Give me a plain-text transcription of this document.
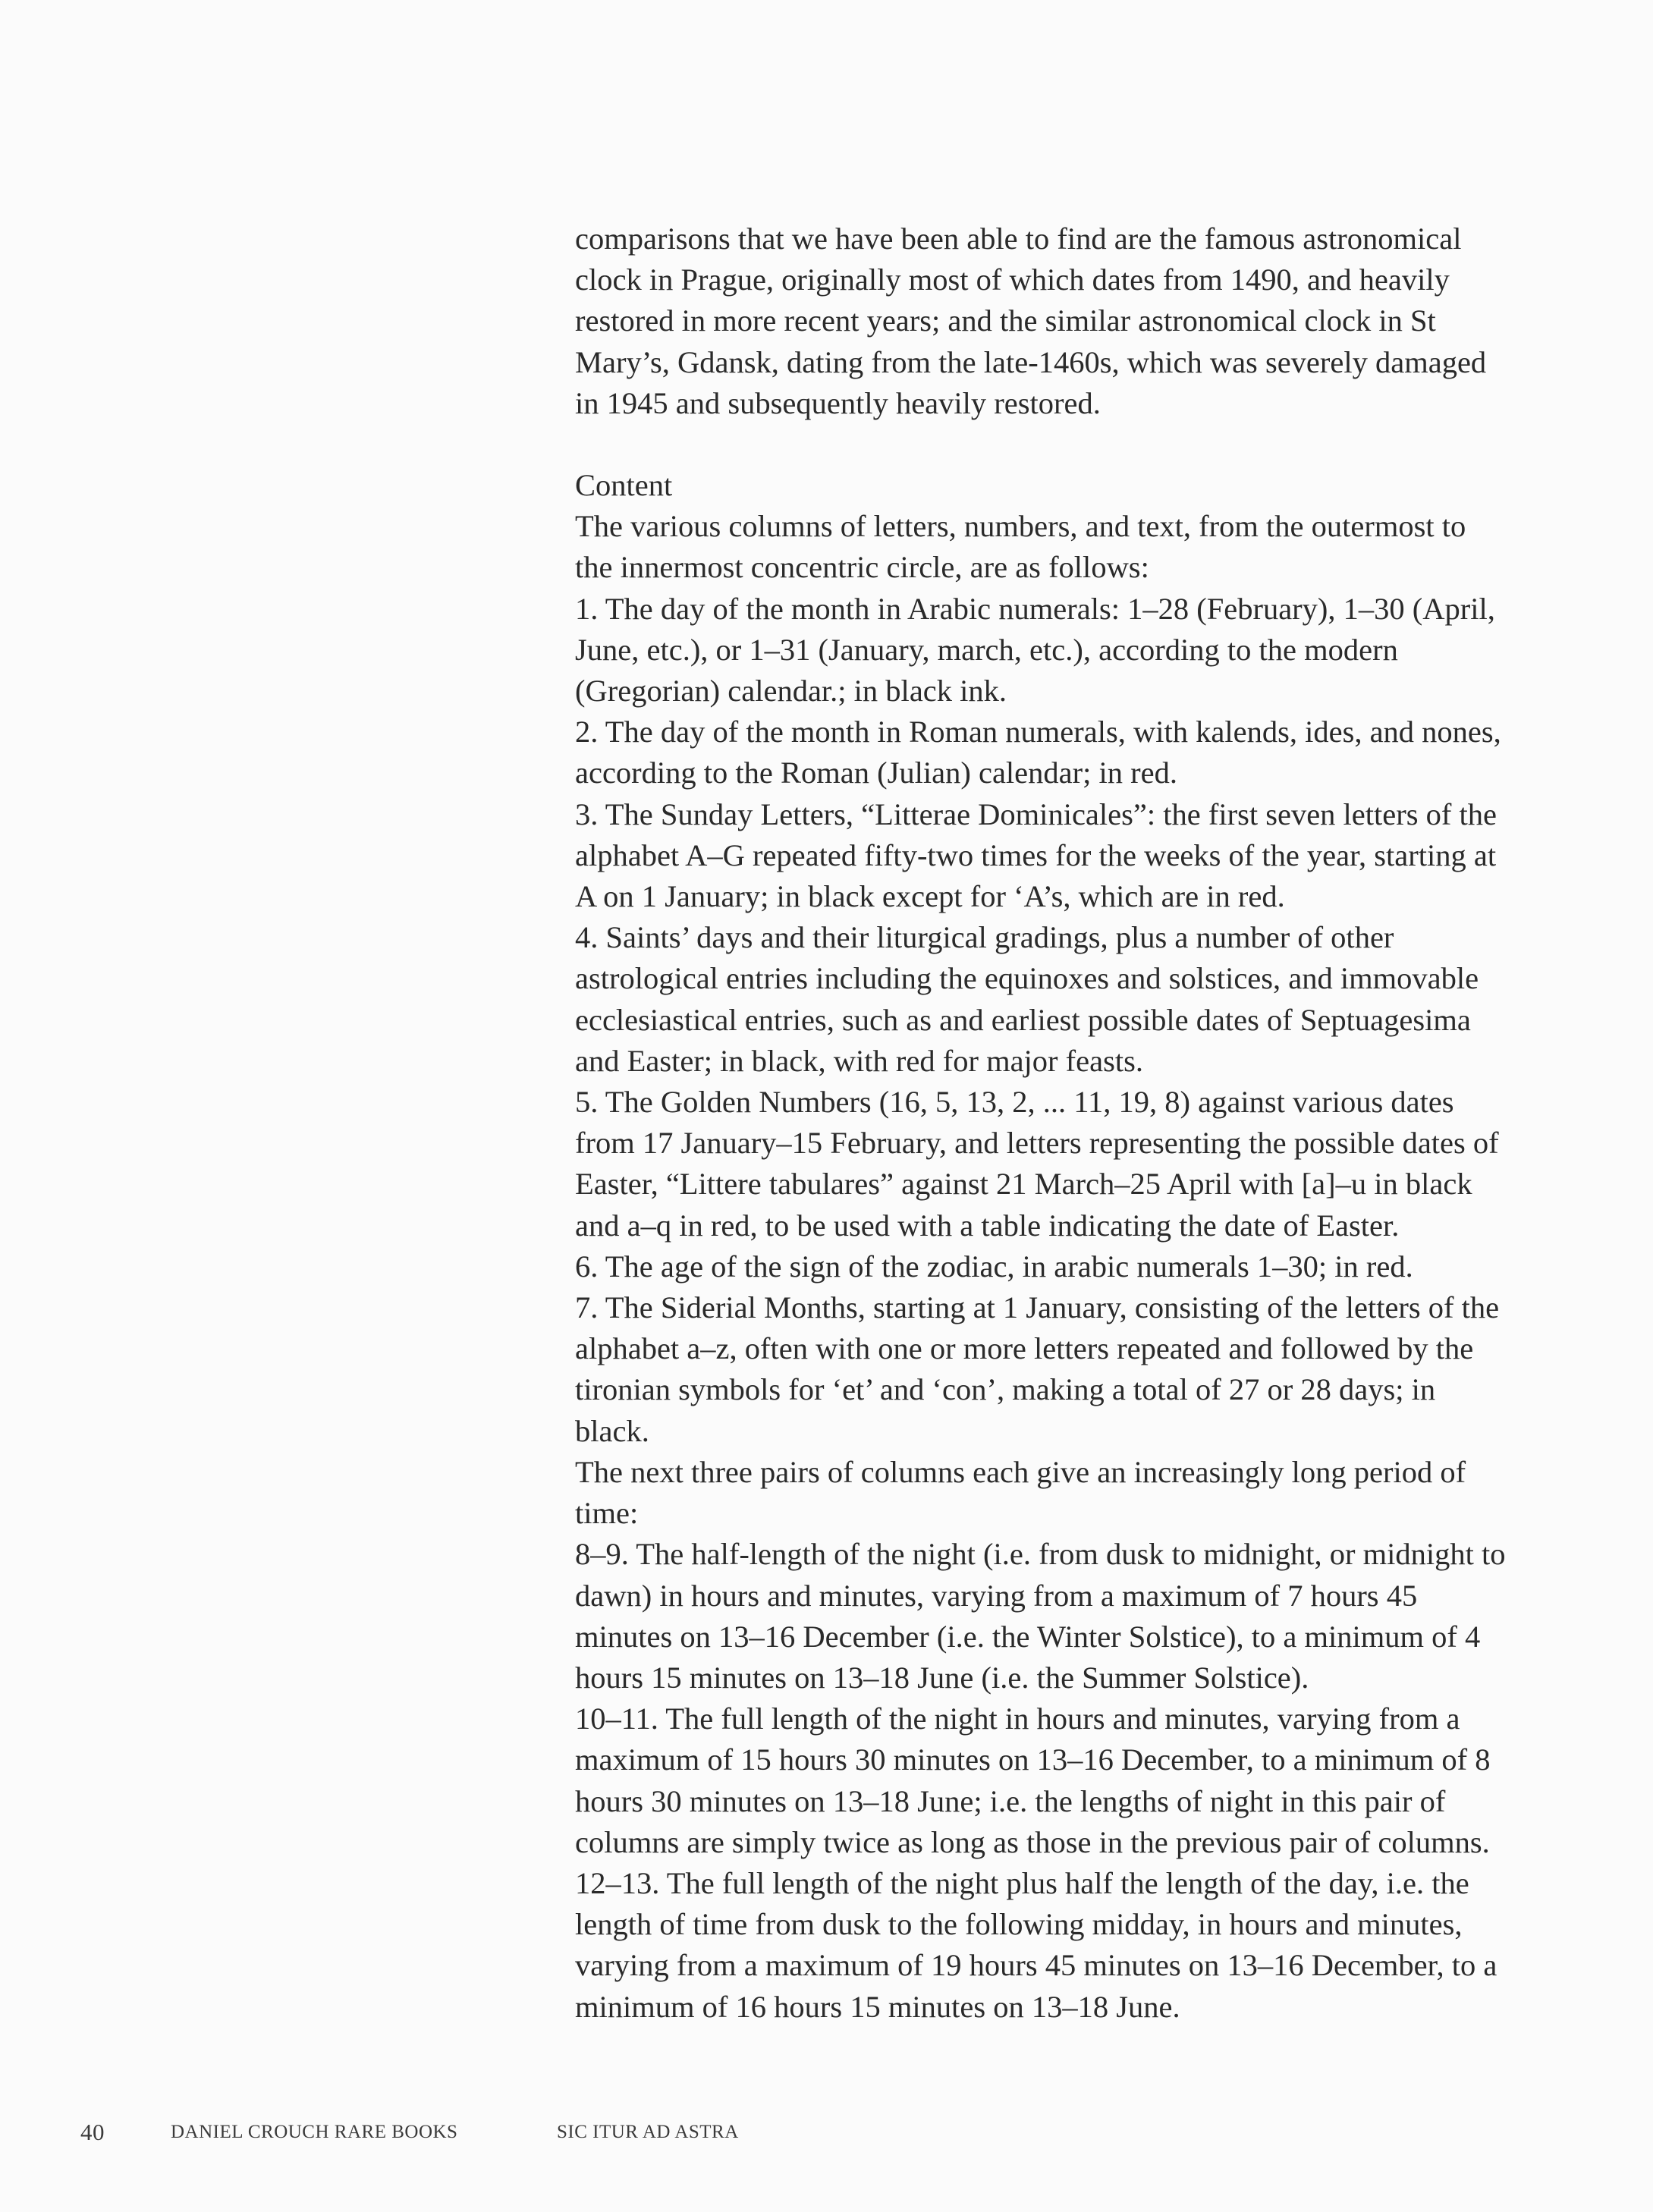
comparisons that we have been able to find are the famous astronomical clock in Prague, originally most of which dates from 1490, and heavily restored in more recent years; and the similar astronomical clock in St Mary’s, Gdansk, dating from the late-1460s, which was severely damaged in 1945 and subsequently heavily restored.

Content

The various columns of letters, numbers, and text, from the outermost to the innermost concentric circle, are as follows:

1. The day of the month in Arabic numerals: 1–28 (February), 1–30 (April, June, etc.), or 1–31 (January, march, etc.), according to the modern (Gregorian) calendar.; in black ink.

2. The day of the month in Roman numerals, with kalends, ides, and nones, according to the Roman (Julian) calendar; in red.

3. The Sunday Letters, “Litterae Dominicales”: the first seven letters of the alphabet A–G repeated fifty-two times for the weeks of the year, starting at A on 1 January; in black except for ‘A’s, which are in red.

4. Saints’ days and their liturgical gradings, plus a number of other astrological entries including the equinoxes and solstices, and immovable ecclesiastical entries, such as and earliest possible dates of Septuagesima and Easter; in black, with red for major feasts.

5. The Golden Numbers (16, 5, 13, 2, ... 11, 19, 8) against various dates from 17 January–15 February, and letters representing the possible dates of Easter, “Littere tabulares” against 21 March–25 April with [a]–u in black and a–q in red, to be used with a table indicating the date of Easter.

6. The age of the sign of the zodiac, in arabic numerals 1–30; in red.

7. The Siderial Months, starting at 1 January, consisting of the letters of the alphabet a–z, often with one or more letters repeated and followed by the tironian symbols for ‘et’ and ‘con’, making a total of 27 or 28 days; in black.

The next three pairs of columns each give an increasingly long period of time:

8–9. The half-length of the night (i.e. from dusk to midnight, or midnight to dawn) in hours and minutes, varying from a maximum of 7 hours 45 minutes on 13–16 December (i.e. the Winter Solstice), to a minimum of 4 hours 15 minutes on 13–18 June (i.e. the Summer Solstice).

10–11. The full length of the night in hours and minutes, varying from a maximum of 15 hours 30 minutes on 13–16 December, to a minimum of 8 hours 30 minutes on 13–18 June; i.e. the lengths of night in this pair of columns are simply twice as long as those in the previous pair of columns.

12–13. The full length of the night plus half the length of the day, i.e. the length of time from dusk to the following midday, in hours and minutes, varying from a maximum of 19 hours 45 minutes on 13–16 December, to a minimum of 16 hours 15 minutes on 13–18 June.

40	DANIEL CROUCH RARE BOOKS	SIC ITUR AD ASTRA
